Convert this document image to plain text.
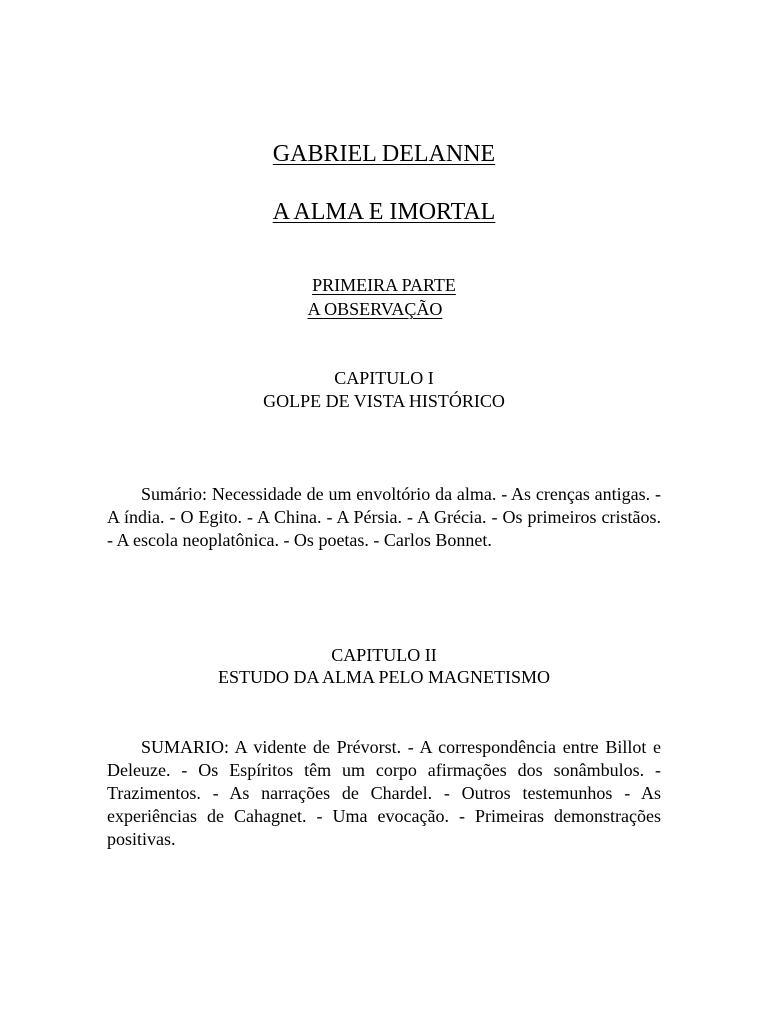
GABRIEL DELANNE
A ALMA E IMORTAL
PRIMEIRA PARTE
A OBSERVAÇÃO
CAPITULO I
GOLPE DE VISTA HISTÓRICO
Sumário: Necessidade de um envoltório da alma. - As crenças antigas. - A índia. - O Egito. - A China. - A Pérsia. - A Grécia. - Os primeiros cristãos. - A escola neoplatônica. - Os poetas. - Carlos Bonnet.
CAPITULO II
ESTUDO DA ALMA PELO MAGNETISMO
SUMARIO: A vidente de Prévorst. - A correspondência entre Billot e Deleuze. - Os Espíritos têm um corpo afirmações dos sonâmbulos. - Trazimentos. - As narrações de Chardel. - Outros testemunhos - As experiências de Cahagnet. - Uma evocação. - Primeiras demonstrações positivas.
